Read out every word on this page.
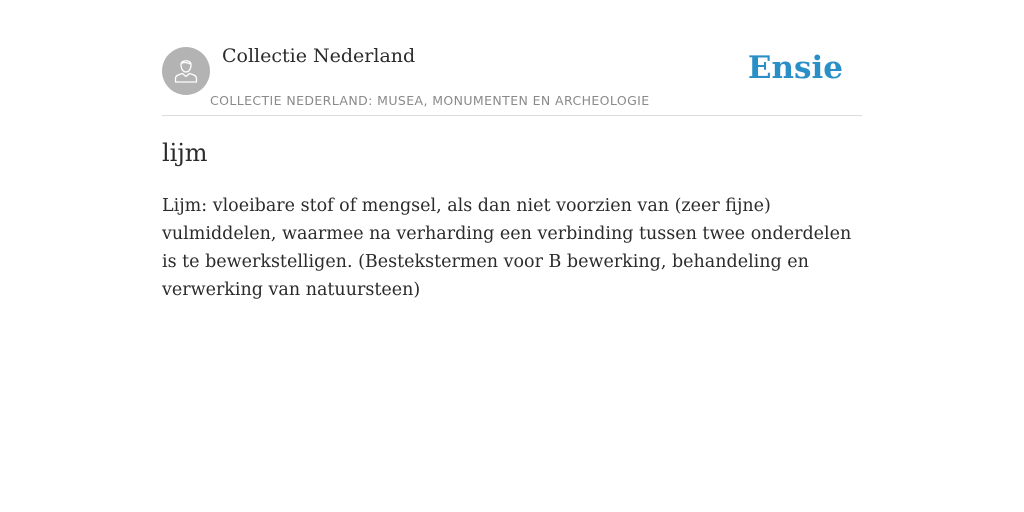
Collectie Nederland
COLLECTIE NEDERLAND: MUSEA, MONUMENTEN EN ARCHEOLOGIE
Ensie
lijm

Lijm: vloeibare stof of mengsel, als dan niet voorzien van (zeer fijne) vulmiddelen, waarmee na verharding een verbinding tussen twee onderdelen is te bewerkstelligen. (Bestekstermen voor B bewerking, behandeling en verwerking van natuursteen)
